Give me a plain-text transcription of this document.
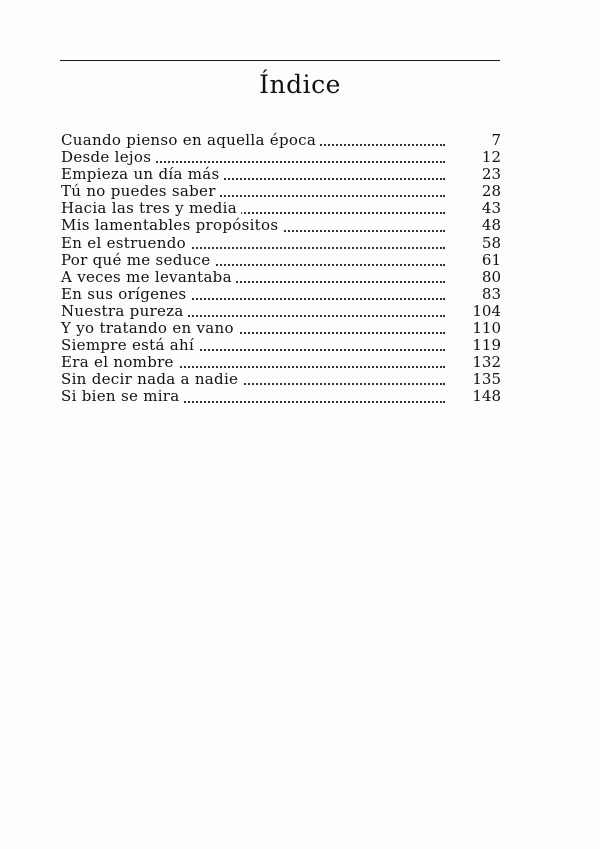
Índice
Cuando pienso en aquella época	7
Desde lejos	12
Empieza un día más	23
Tú no puedes saber	28
Hacia las tres y media	43
Mis lamentables propósitos	48
En el estruendo	58
Por qué me seduce	61
A veces me levantaba	80
En sus orígenes	83
Nuestra pureza	104
Y yo tratando en vano	110
Siempre está ahí	119
Era el nombre	132
Sin decir nada a nadie	135
Si bien se mira	148
